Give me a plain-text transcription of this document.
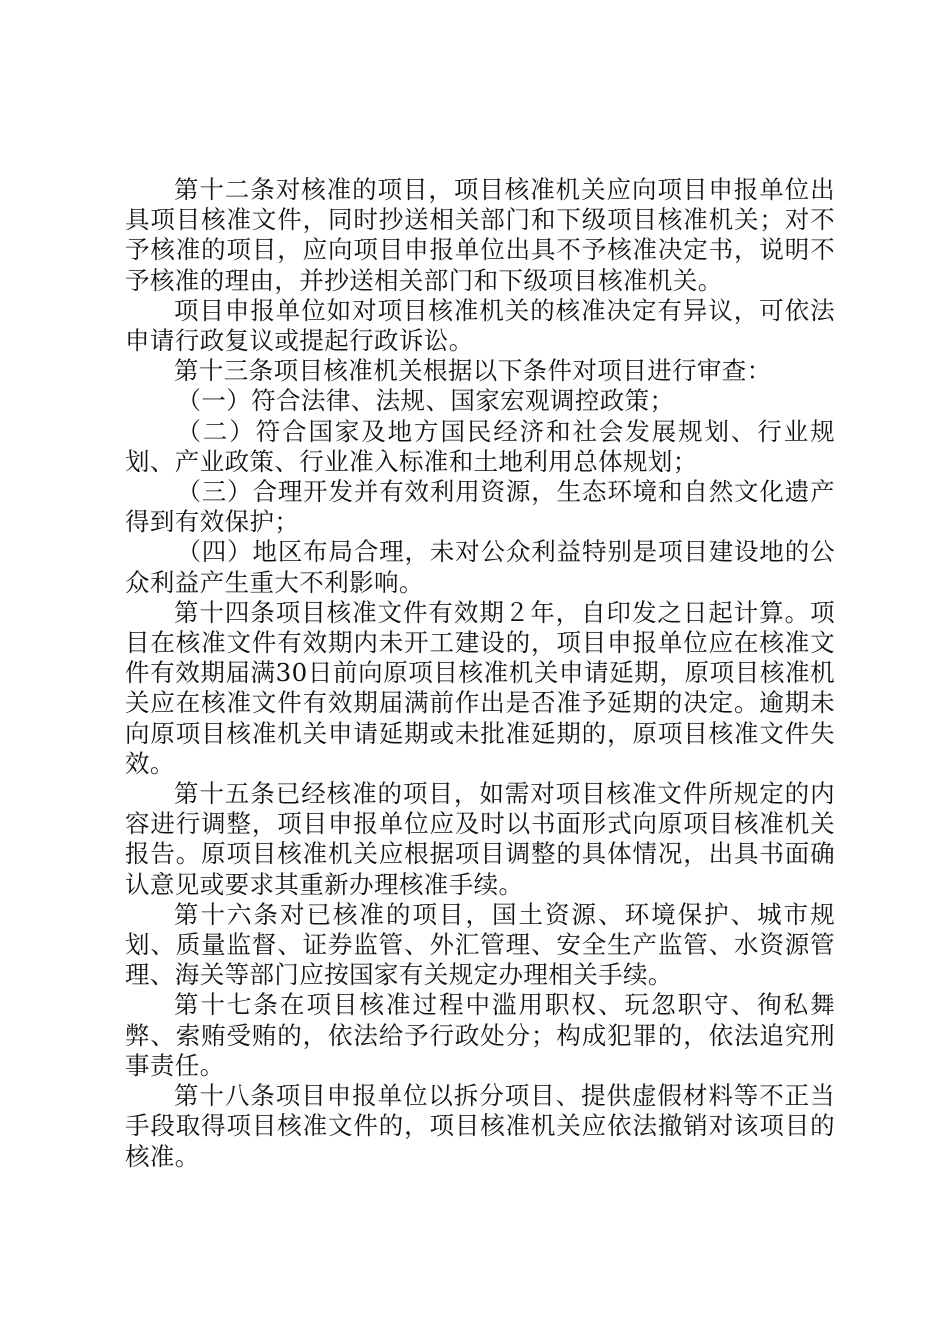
第十二条对核准的项目，项目核准机关应向项目申报单位出具项目核准文件，同时抄送相关部门和下级项目核准机关；对不予核准的项目，应向项目申报单位出具不予核准决定书，说明不予核准的理由，并抄送相关部门和下级项目核准机关。

项目申报单位如对项目核准机关的核准决定有异议，可依法申请行政复议或提起行政诉讼。

第十三条项目核准机关根据以下条件对项目进行审查：

（一）符合法律、法规、国家宏观调控政策；

（二）符合国家及地方国民经济和社会发展规划、行业规划、产业政策、行业准入标准和土地利用总体规划；

（三）合理开发并有效利用资源，生态环境和自然文化遗产得到有效保护；

（四）地区布局合理，未对公众利益特别是项目建设地的公众利益产生重大不利影响。

第十四条项目核准文件有效期２年，自印发之日起计算。项目在核准文件有效期内未开工建设的，项目申报单位应在核准文件有效期届满30日前向原项目核准机关申请延期，原项目核准机关应在核准文件有效期届满前作出是否准予延期的决定。逾期未向原项目核准机关申请延期或未批准延期的，原项目核准文件失效。

第十五条已经核准的项目，如需对项目核准文件所规定的内容进行调整，项目申报单位应及时以书面形式向原项目核准机关报告。原项目核准机关应根据项目调整的具体情况，出具书面确认意见或要求其重新办理核准手续。

第十六条对已核准的项目，国土资源、环境保护、城市规划、质量监督、证券监管、外汇管理、安全生产监管、水资源管理、海关等部门应按国家有关规定办理相关手续。

第十七条在项目核准过程中滥用职权、玩忽职守、徇私舞弊、索贿受贿的，依法给予行政处分；构成犯罪的，依法追究刑事责任。

第十八条项目申报单位以拆分项目、提供虚假材料等不正当手段取得项目核准文件的，项目核准机关应依法撤销对该项目的核准。
